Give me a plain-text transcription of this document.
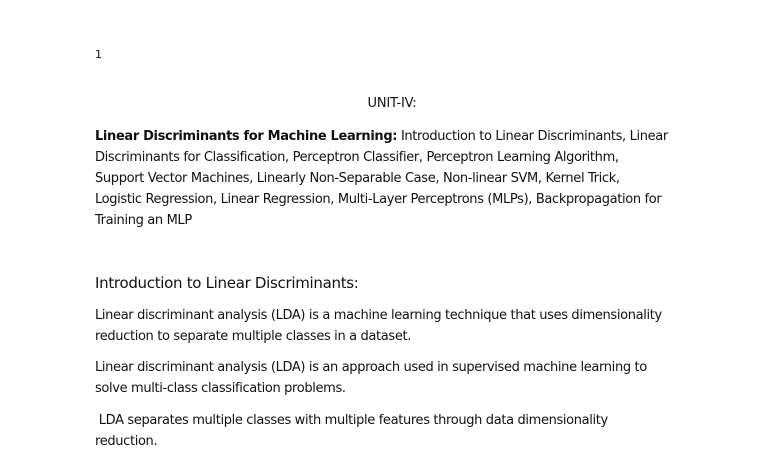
1
UNIT-IV:

Linear Discriminants for Machine Learning: Introduction to Linear Discriminants, Linear
Discriminants for Classification, Perceptron Classifier, Perceptron Learning Algorithm,
Support Vector Machines, Linearly Non-Separable Case, Non-linear SVM, Kernel Trick,
Logistic Regression, Linear Regression, Multi-Layer Perceptrons (MLPs), Backpropagation for
Training an MLP

Introduction to Linear Discriminants:

Linear discriminant analysis (LDA) is a machine learning technique that uses dimensionality
reduction to separate multiple classes in a dataset.

Linear discriminant analysis (LDA) is an approach used in supervised machine learning to
solve multi-class classification problems.

LDA separates multiple classes with multiple features through data dimensionality
reduction.
